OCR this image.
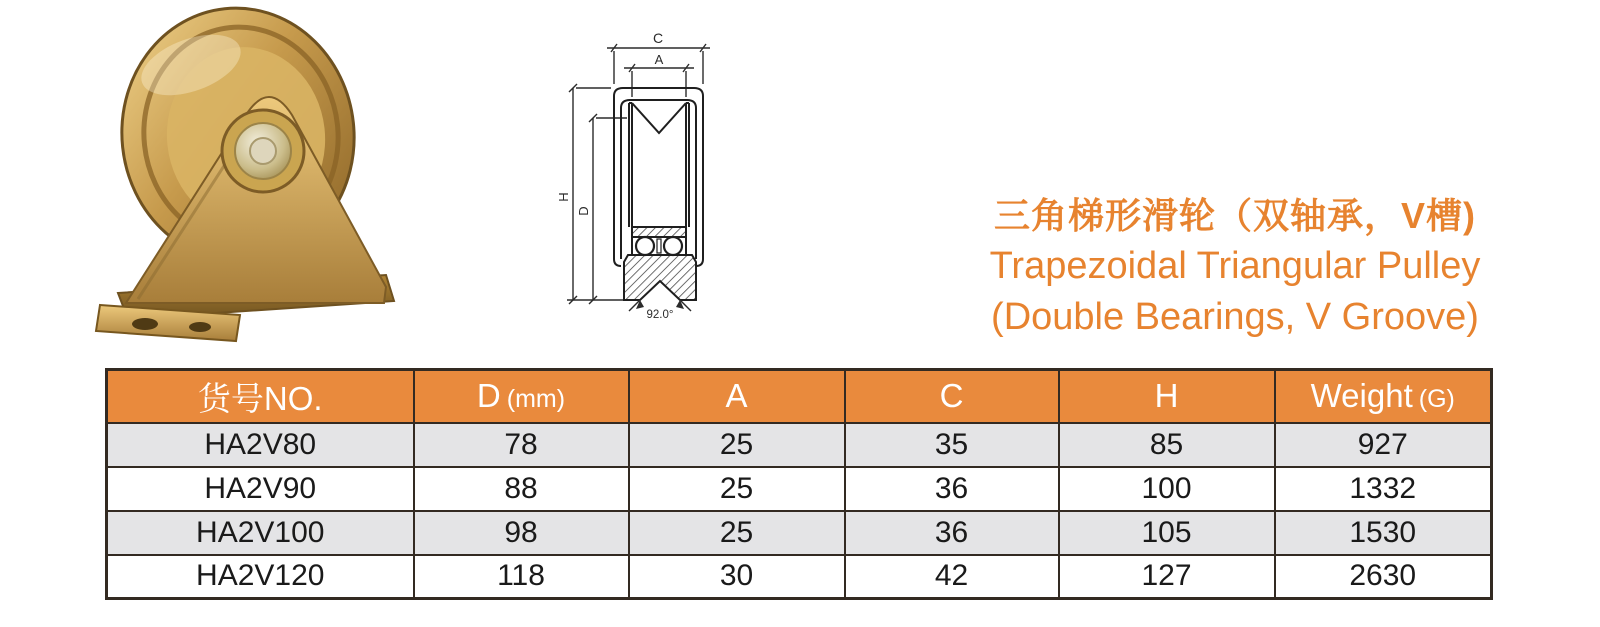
C
A
H
D
92.0°
三角梯形滑轮（双轴承，V槽)
Trapezoidal Triangular Pulley
(Double Bearings, V Groove)
货号NO.	D (mm)	A	C	H	Weight (G)
HA2V80	78	25	35	85	927
HA2V90	88	25	36	100	1332
HA2V100	98	25	36	105	1530
HA2V120	118	30	42	127	2630
